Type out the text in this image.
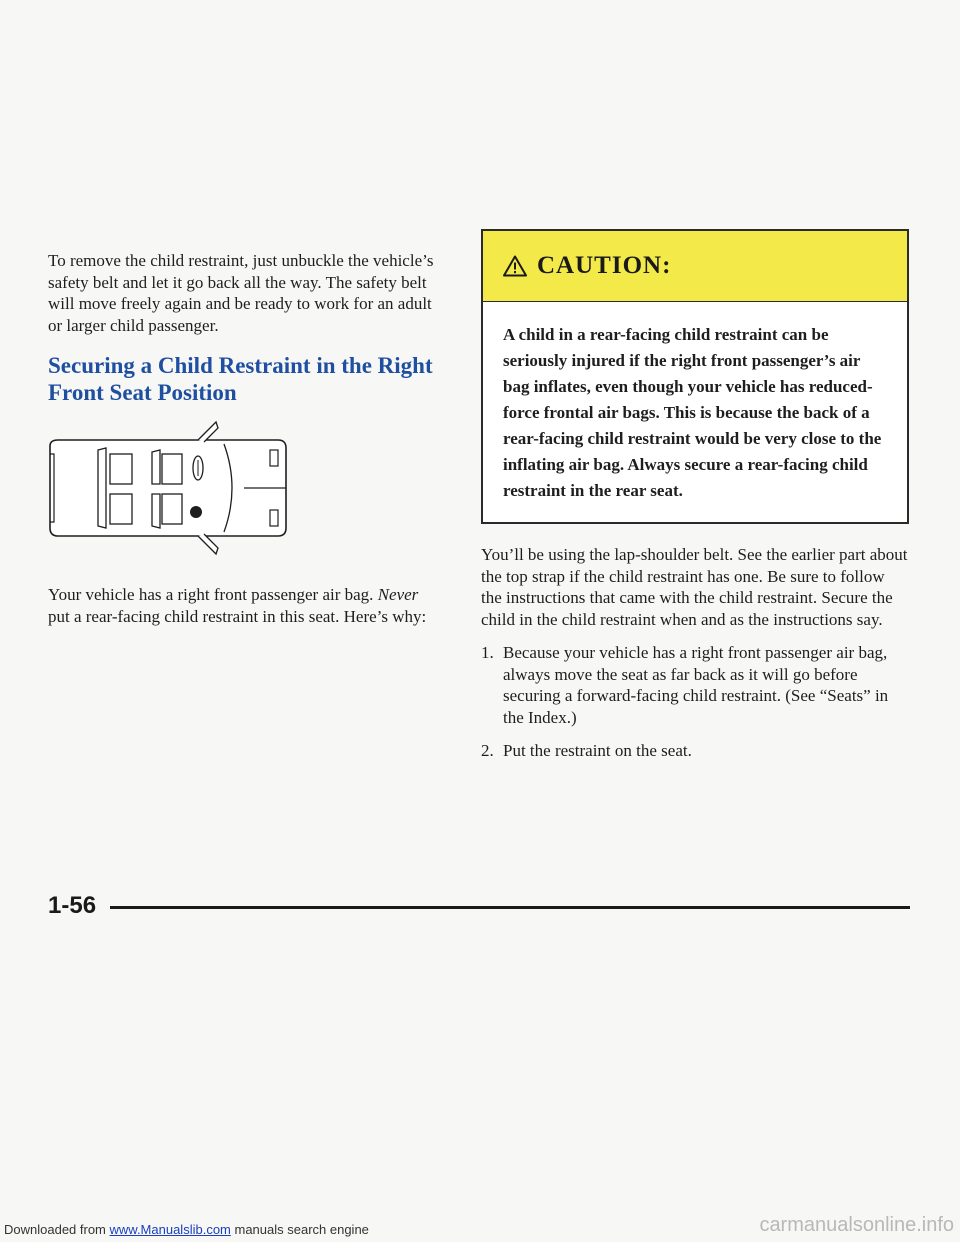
To remove the child restraint, just unbuckle the vehicle’s safety belt and let it go back all the way. The safety belt will move freely again and be ready to work for an adult or larger child passenger.

Securing a Child Restraint in the Right Front Seat Position

Your vehicle has a right front passenger air bag. Never put a rear-facing child restraint in this seat. Here’s why:

CAUTION:

A child in a rear-facing child restraint can be seriously injured if the right front passenger’s air bag inflates, even though your vehicle has reduced-force frontal air bags. This is because the back of a rear-facing child restraint would be very close to the inflating air bag. Always secure a rear-facing child restraint in the rear seat.

You’ll be using the lap-shoulder belt. See the earlier part about the top strap if the child restraint has one. Be sure to follow the instructions that came with the child restraint. Secure the child in the child restraint when and as the instructions say.

1. Because your vehicle has a right front passenger air bag, always move the seat as far back as it will go before securing a forward-facing child restraint. (See “Seats” in the Index.)
2. Put the restraint on the seat.
1-56
Downloaded from www.Manualslib.com manuals search engine	carmanualsonline.info
